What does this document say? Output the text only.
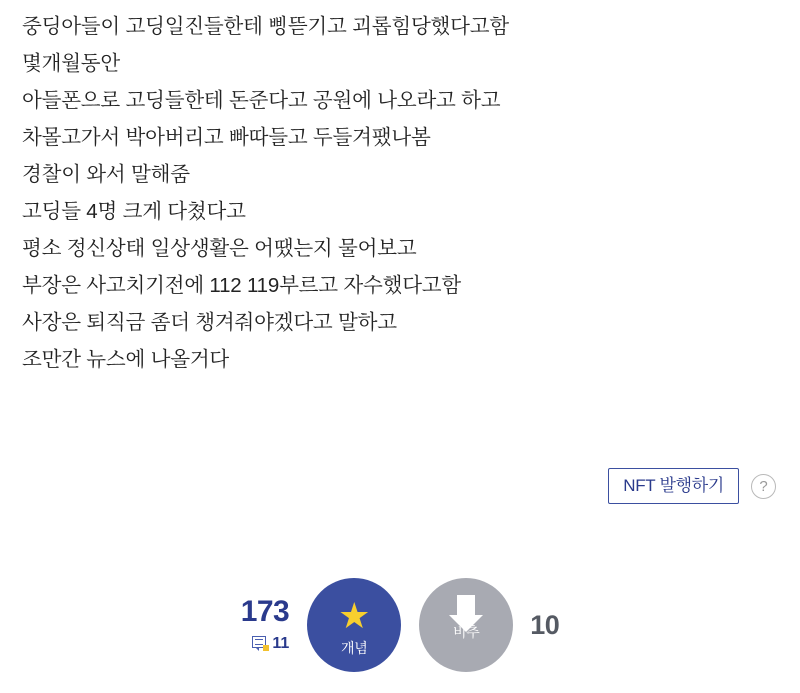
중딩아들이 고딩일진들한테 삥뜯기고 괴롭힘당했다고함
몇개월동안
아들폰으로 고딩들한테 돈준다고 공원에 나오라고 하고
차몰고가서 박아버리고 빠따들고 두들겨팼나봄
경찰이 와서 말해줌
고딩들 4명 크게 다쳤다고
평소 정신상태 일상생활은 어땠는지 물어보고
부장은 사고치기전에 112 119부르고 자수했다고함
사장은 퇴직금 좀더 챙겨줘야겠다고 말하고
조만간 뉴스에 나올거다
NFT 발행하기	?
173
11
★
개념
비추 10
